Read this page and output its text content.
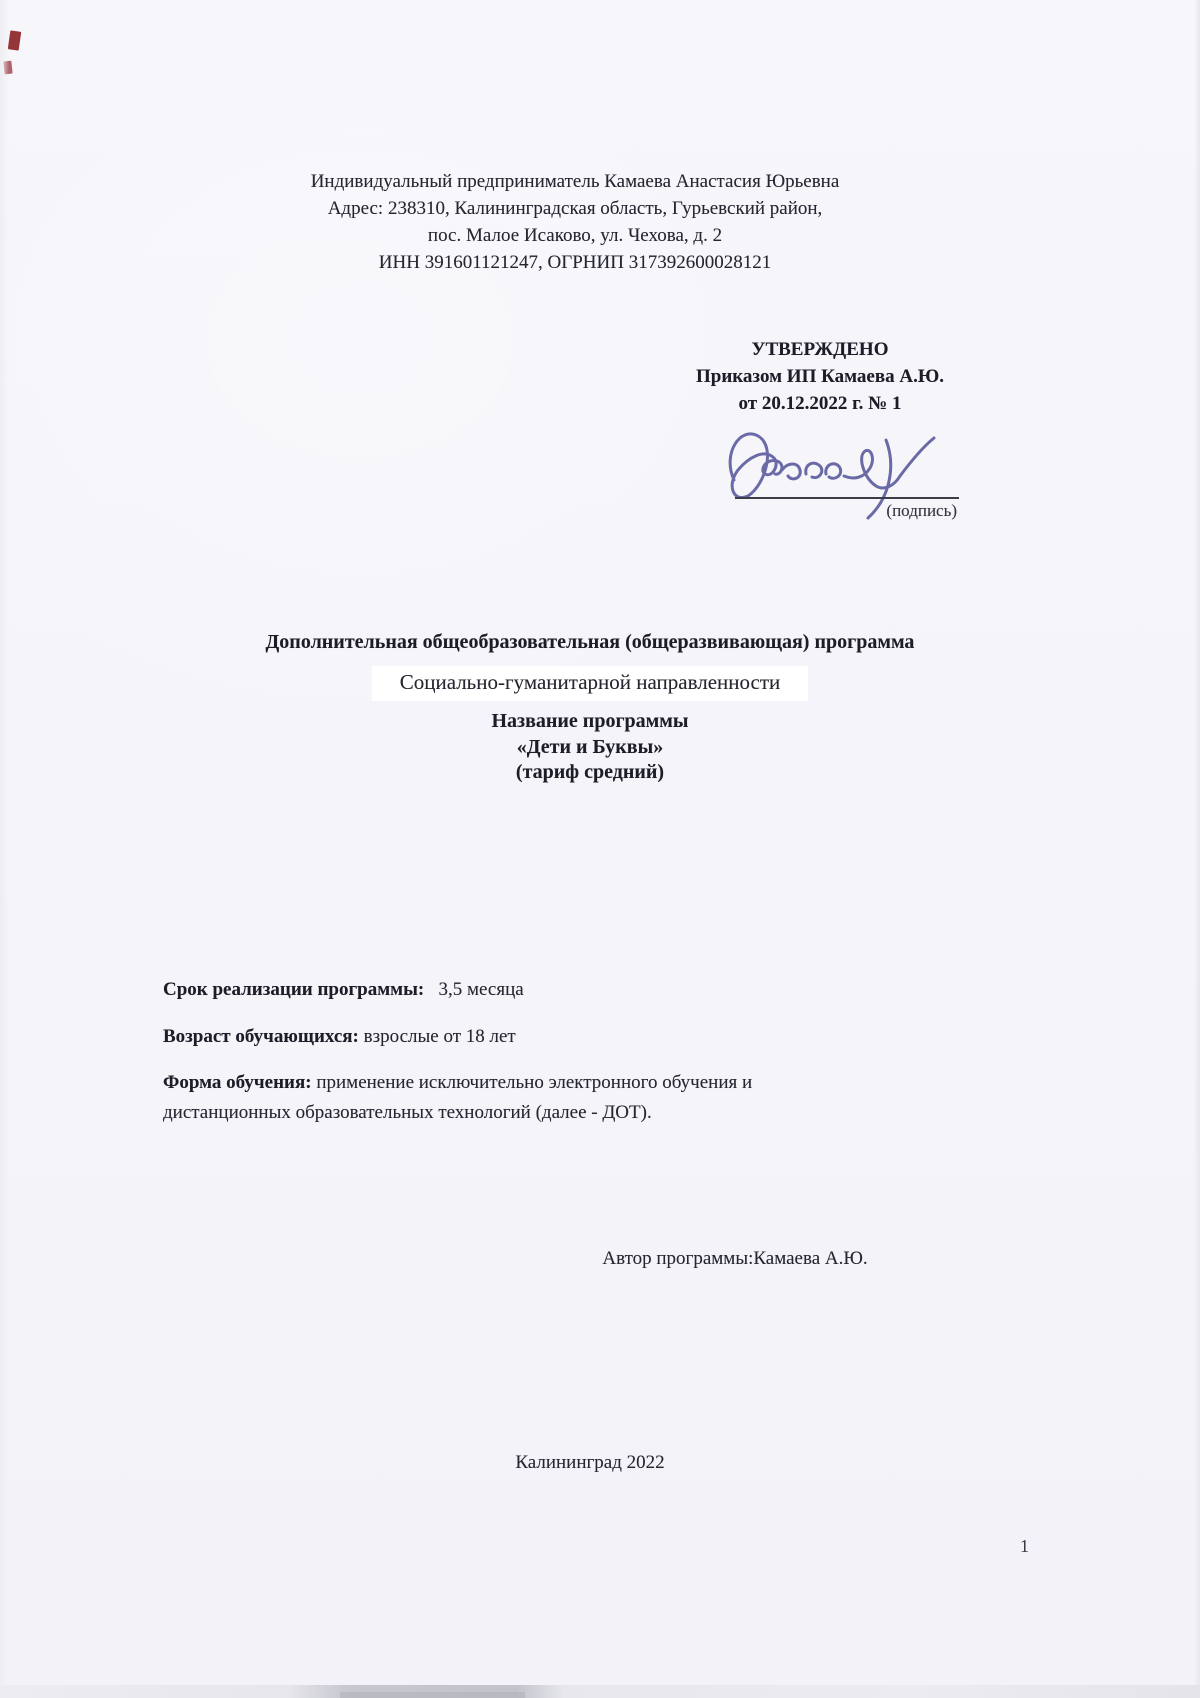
Индивидуальный предприниматель Камаева Анастасия Юрьевна
Адрес: 238310, Калининградская область, Гурьевский район,
пос. Малое Исаково, ул. Чехова, д. 2
ИНН 391601121247, ОГРНИП 317392600028121
УТВЕРЖДЕНО
Приказом ИП Камаева А.Ю.
от 20.12.2022 г. № 1
(подпись)
Дополнительная общеобразовательная (общеразвивающая) программа
Социально-гуманитарной направленности
Название программы
«Дети и Буквы»
(тариф средний)
Срок реализации программы: 3,5 месяца
Возраст обучающихся: взрослые от 18 лет
Форма обучения: применение исключительно электронного обучения и дистанционных образовательных технологий (далее - ДОТ).
Автор программы:Камаева А.Ю.
Калининград 2022
1
